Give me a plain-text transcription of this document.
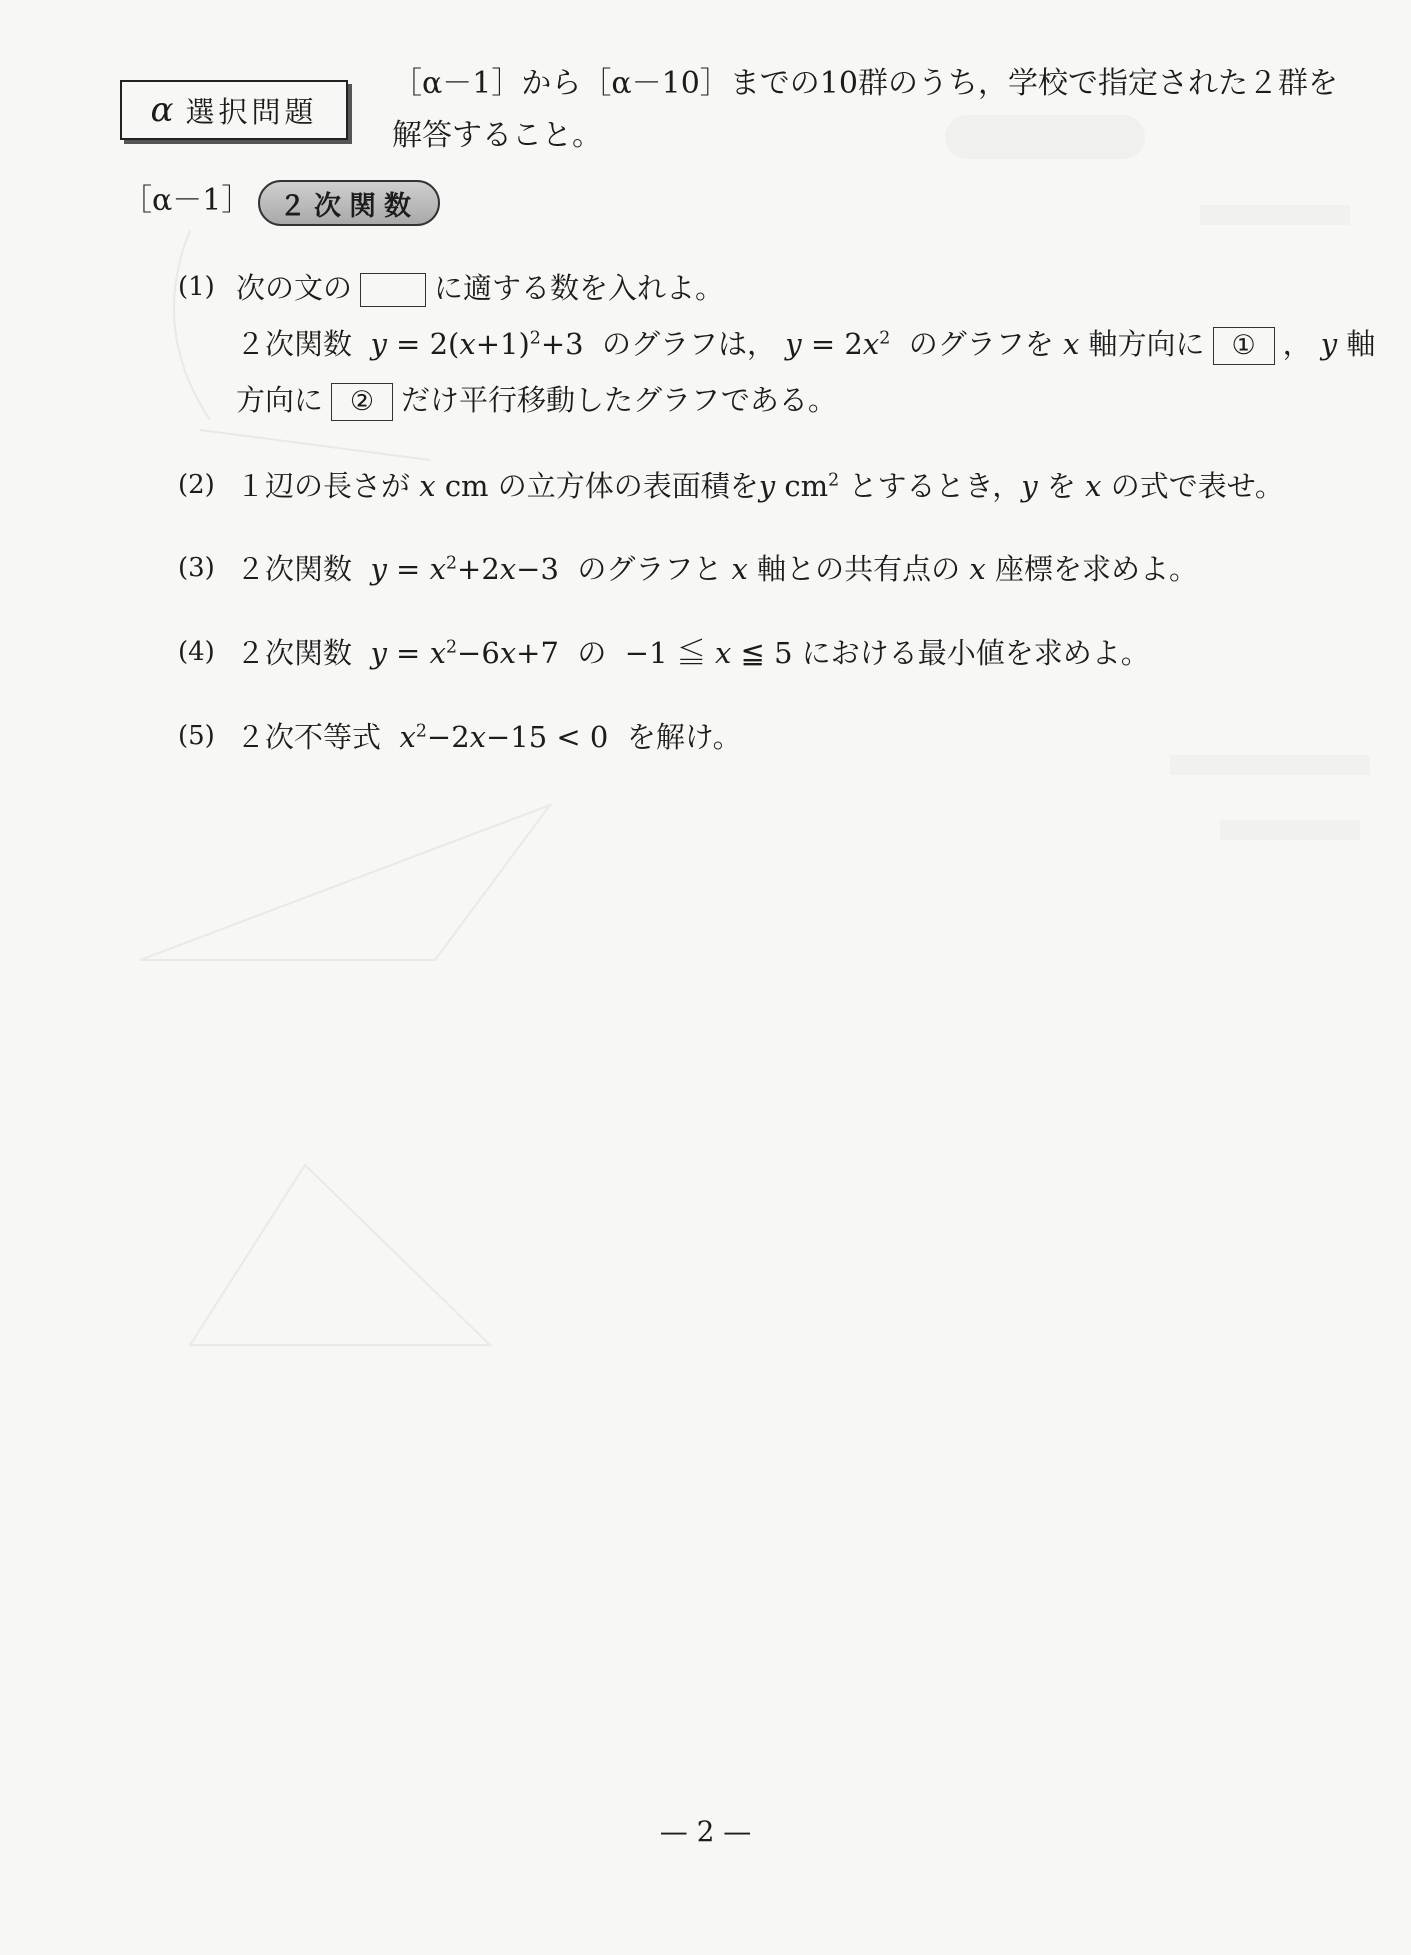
α 選択問題
［α－1］から［α－10］までの10群のうち，学校で指定された２群を
解答すること。
［α－1］ ２次関数
(1) 次の文の	に適する数を入れよ。
２次関数 $y = 2(x+1)^2+3$  のグラフは， $y = 2x^2$ のグラフを x 軸方向に ① ， y 軸
方向に ② だけ平行移動したグラフである。
(2) １辺の長さが x cm の立方体の表面積をy $cm^2$ とするとき，y を x の式で表せ。
(3) ２次関数 $y = x^2+2x-3$ のグラフと x 軸との共有点の x 座標を求めよ。
(4) ２次関数 $y = x^2-6x+7$ の −1 ≦ x ≦ 5 における最小値を求めよ。
(5) ２次不等式 $x^2-2x-15 < 0$ を解け。
— 2 —
